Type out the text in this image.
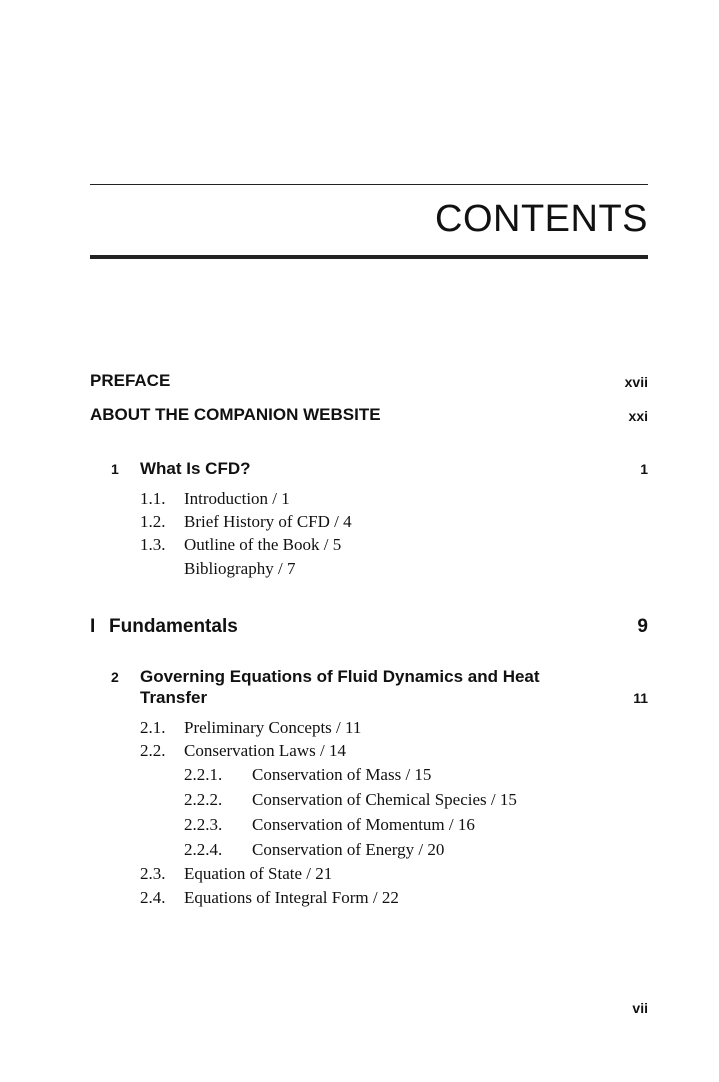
CONTENTS
PREFACE	xvii
ABOUT THE COMPANION WEBSITE	xxi
1 What Is CFD?	1
1.1. Introduction / 1
1.2. Brief History of CFD / 4
1.3. Outline of the Book / 5
Bibliography / 7
I Fundamentals	9
2 Governing Equations of Fluid Dynamics and Heat
Transfer	11
2.1. Preliminary Concepts / 11
2.2. Conservation Laws / 14
2.2.1. Conservation of Mass / 15
2.2.2. Conservation of Chemical Species / 15
2.2.3. Conservation of Momentum / 16
2.2.4. Conservation of Energy / 20
2.3. Equation of State / 21
2.4. Equations of Integral Form / 22
vii
